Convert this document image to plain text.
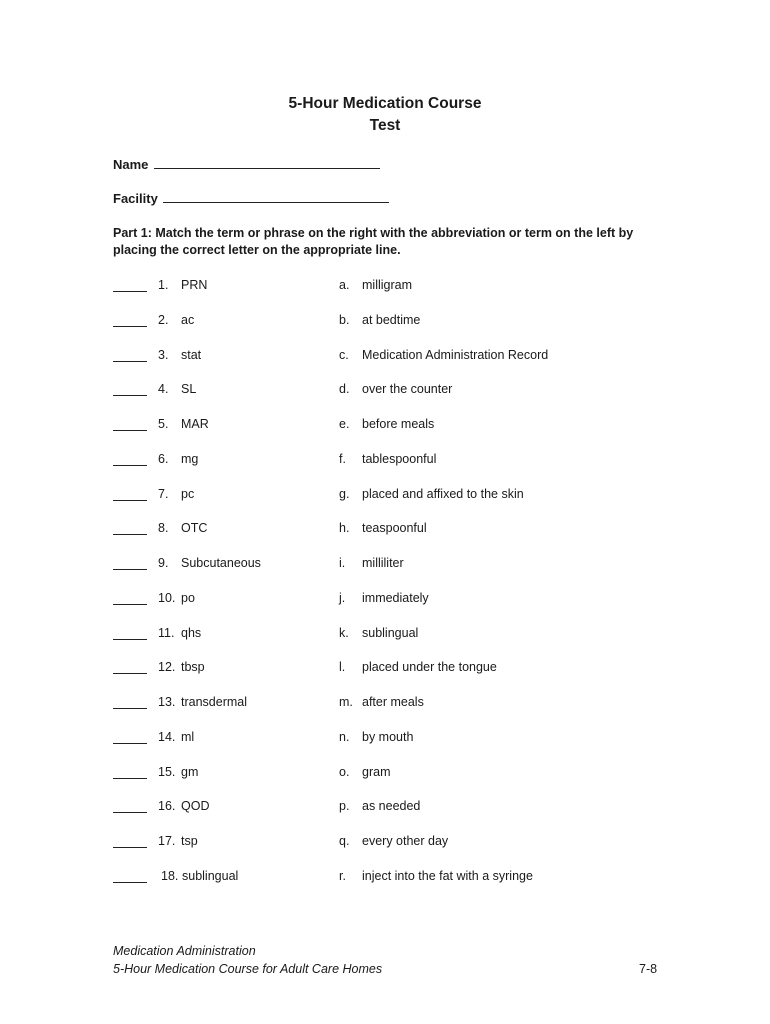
5-Hour Medication Course
Test
Name
Facility
Part 1: Match the term or phrase on the right with the abbreviation or term on the left by placing the correct letter on the appropriate line.
1. PRN	a. milligram
2. ac	b. at bedtime
3. stat	c. Medication Administration Record
4. SL	d. over the counter
5. MAR	e. before meals
6. mg	f. tablespoonful
7. pc	g. placed and affixed to the skin
8. OTC	h. teaspoonful
9. Subcutaneous	i. milliliter
10. po	j. immediately
11. qhs	k. sublingual
12. tbsp	l. placed under the tongue
13. transdermal	m. after meals
14. ml	n. by mouth
15. gm	o. gram
16. QOD	p. as needed
17. tsp	q. every other day
18. sublingual	r. inject into the fat with a syringe
Medication Administration
5-Hour Medication Course for Adult Care Homes	7-8
